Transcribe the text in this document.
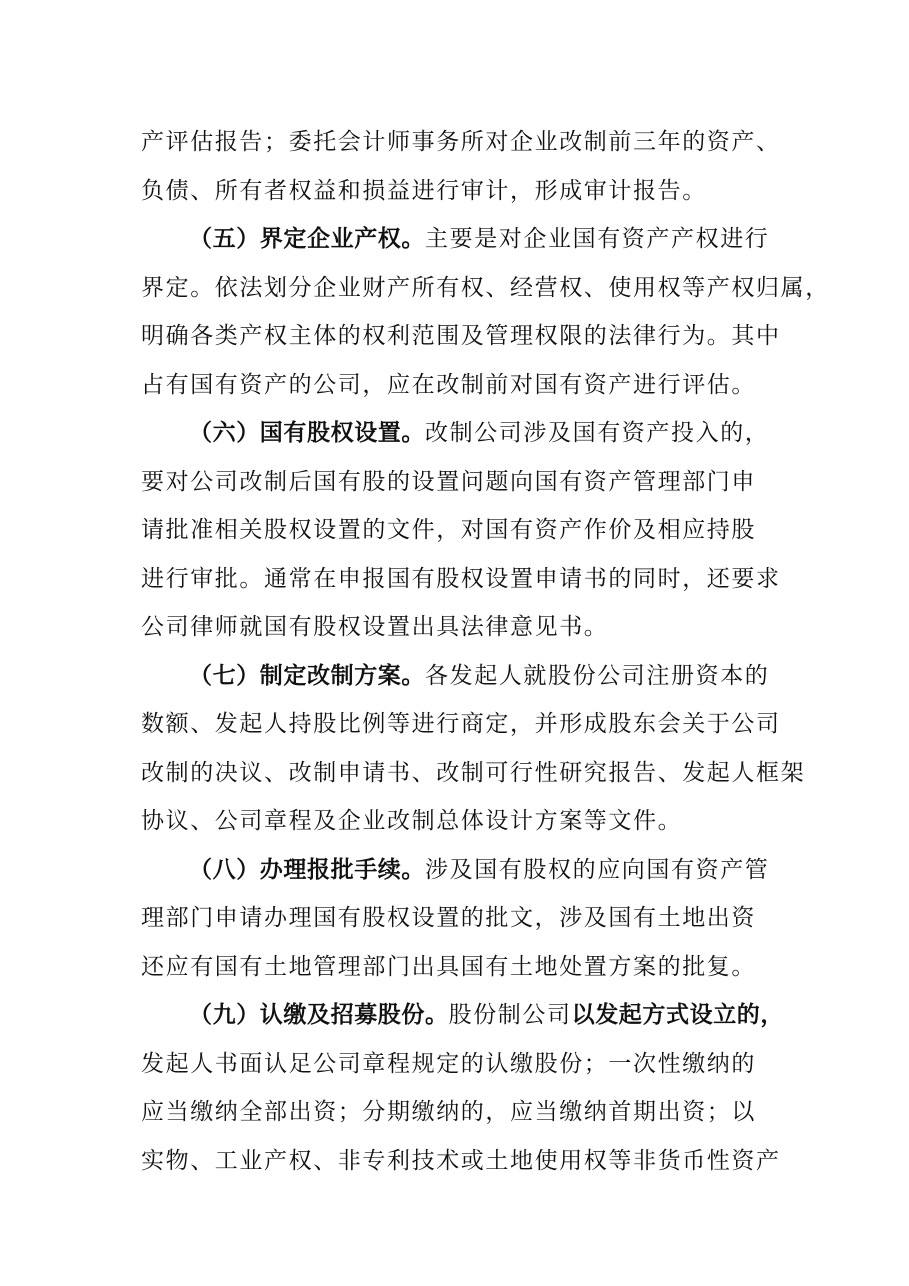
产评估报告；委托会计师事务所对企业改制前三年的资产、
负债、所有者权益和损益进行审计，形成审计报告。

（五）界定企业产权。主要是对企业国有资产产权进行
界定。依法划分企业财产所有权、经营权、使用权等产权归属，
明确各类产权主体的权利范围及管理权限的法律行为。其中
占有国有资产的公司，应在改制前对国有资产进行评估。

（六）国有股权设置。改制公司涉及国有资产投入的，
要对公司改制后国有股的设置问题向国有资产管理部门申
请批准相关股权设置的文件，对国有资产作价及相应持股
进行审批。通常在申报国有股权设置申请书的同时，还要求
公司律师就国有股权设置出具法律意见书。

（七）制定改制方案。各发起人就股份公司注册资本的
数额、发起人持股比例等进行商定，并形成股东会关于公司
改制的决议、改制申请书、改制可行性研究报告、发起人框架
协议、公司章程及企业改制总体设计方案等文件。

（八）办理报批手续。涉及国有股权的应向国有资产管
理部门申请办理国有股权设置的批文，涉及国有土地出资
还应有国有土地管理部门出具国有土地处置方案的批复。

（九）认缴及招募股份。股份制公司以发起方式设立的，
发起人书面认足公司章程规定的认缴股份；一次性缴纳的
应当缴纳全部出资；分期缴纳的，应当缴纳首期出资；以
实物、工业产权、非专利技术或土地使用权等非货币性资产
